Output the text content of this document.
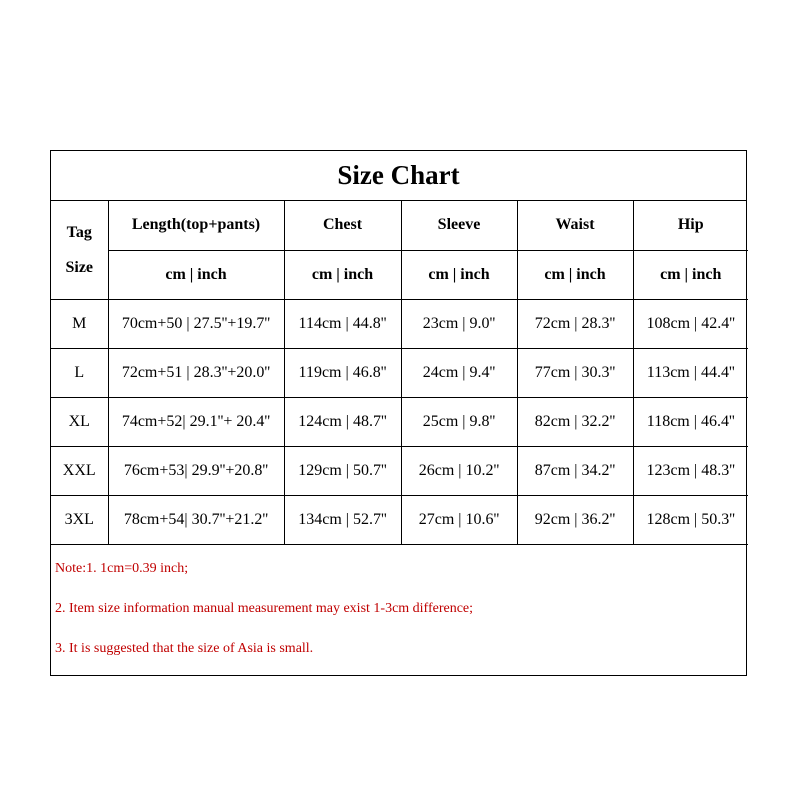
Size Chart
Tag
Size	Length(top+pants)	Chest	Sleeve	Waist	Hip
	cm | inch	cm | inch	cm | inch	cm | inch	cm | inch
M	70cm+50 | 27.5''+19.7''	114cm | 44.8''	23cm | 9.0''	72cm | 28.3''	108cm | 42.4''
L	72cm+51 | 28.3''+20.0''	119cm | 46.8''	24cm | 9.4''	77cm | 30.3''	113cm | 44.4''
XL	74cm+52| 29.1''+ 20.4''	124cm | 48.7''	25cm | 9.8''	82cm | 32.2''	118cm | 46.4''
XXL	76cm+53| 29.9''+20.8''	129cm | 50.7''	26cm | 10.2''	87cm | 34.2''	123cm | 48.3''
3XL	78cm+54| 30.7''+21.2''	134cm | 52.7''	27cm | 10.6''	92cm | 36.2''	128cm | 50.3''
Note:1. 1cm=0.39 inch;
2. Item size information manual measurement may exist 1-3cm difference;
3. It is suggested that the size of Asia is small.
